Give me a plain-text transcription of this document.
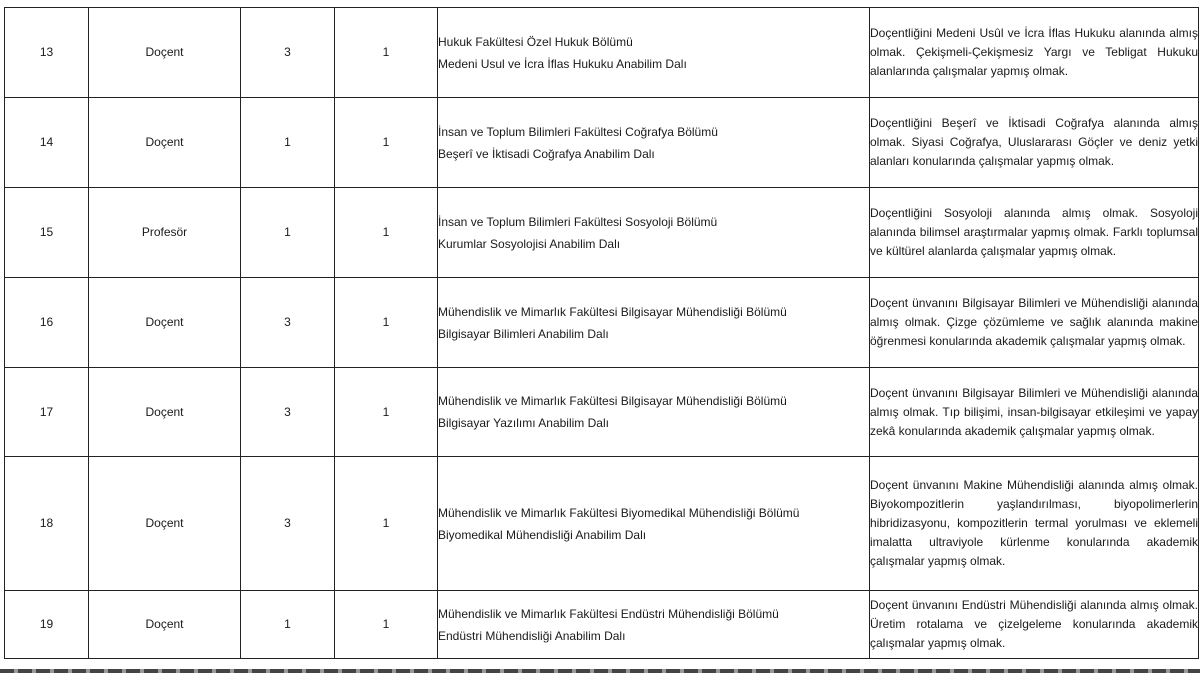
13	Doçent	3	1	Hukuk Fakültesi Özel Hukuk Bölümü
Medeni Usul ve İcra İflas Hukuku Anabilim Dalı	Doçentliğini Medeni Usûl ve İcra İflas Hukuku alanında almış olmak. Çekişmeli-Çekişmesiz Yargı ve Tebligat Hukuku alanlarında çalışmalar yapmış olmak.
14	Doçent	1	1	İnsan ve Toplum Bilimleri Fakültesi Coğrafya Bölümü
Beşerî ve İktisadi Coğrafya Anabilim Dalı	Doçentliğini Beşerî ve İktisadi Coğrafya alanında almış olmak. Siyasi Coğrafya, Uluslararası Göçler ve deniz yetki alanları konularında çalışmalar yapmış olmak.
15	Profesör	1	1	İnsan ve Toplum Bilimleri Fakültesi Sosyoloji Bölümü
Kurumlar Sosyolojisi Anabilim Dalı	Doçentliğini Sosyoloji alanında almış olmak. Sosyoloji alanında bilimsel araştırmalar yapmış olmak. Farklı toplumsal ve kültürel alanlarda çalışmalar yapmış olmak.
16	Doçent	3	1	Mühendislik ve Mimarlık Fakültesi Bilgisayar Mühendisliği Bölümü
Bilgisayar Bilimleri Anabilim Dalı	Doçent ünvanını Bilgisayar Bilimleri ve Mühendisliği alanında almış olmak. Çizge çözümleme ve sağlık alanında makine öğrenmesi konularında akademik çalışmalar yapmış olmak.
17	Doçent	3	1	Mühendislik ve Mimarlık Fakültesi Bilgisayar Mühendisliği Bölümü
Bilgisayar Yazılımı Anabilim Dalı	Doçent ünvanını Bilgisayar Bilimleri ve Mühendisliği alanında almış olmak. Tıp bilişimi, insan-bilgisayar etkileşimi ve yapay zekâ konularında akademik çalışmalar yapmış olmak.
18	Doçent	3	1	Mühendislik ve Mimarlık Fakültesi Biyomedikal Mühendisliği Bölümü
Biyomedikal Mühendisliği Anabilim Dalı	Doçent ünvanını Makine Mühendisliği alanında almış olmak. Biyokompozitlerin yaşlandırılması, biyopolimerlerin hibridizasyonu, kompozitlerin termal yorulması ve eklemeli imalatta ultraviyole kürlenme konularında akademik çalışmalar yapmış olmak.
19	Doçent	1	1	Mühendislik ve Mimarlık Fakültesi Endüstri Mühendisliği Bölümü
Endüstri Mühendisliği Anabilim Dalı	Doçent ünvanını Endüstri Mühendisliği alanında almış olmak. Üretim rotalama ve çizelgeleme konularında akademik çalışmalar yapmış olmak.
